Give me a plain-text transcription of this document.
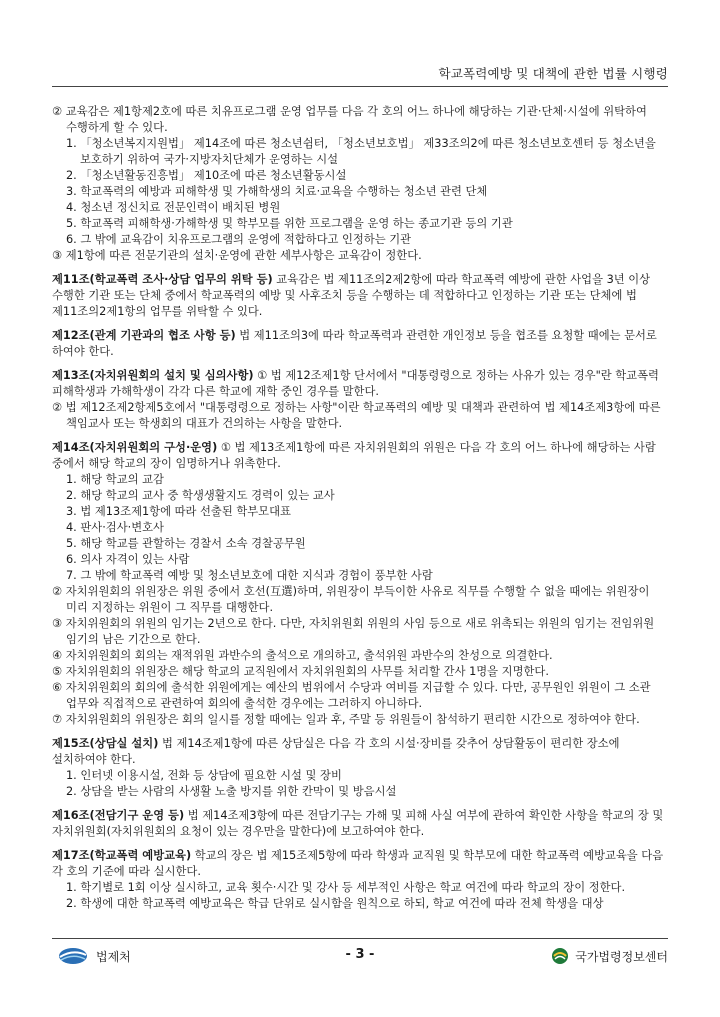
학교폭력예방 및 대책에 관한 법률 시행령

② 교육감은 제1항제2호에 따른 치유프로그램 운영 업무를 다음 각 호의 어느 하나에 해당하는 기관·단체·시설에 위탁하여 수행하게 할 수 있다.

1. 「청소년복지지원법」 제14조에 따른 청소년쉼터, 「청소년보호법」 제33조의2에 따른 청소년보호센터 등 청소년을 보호하기 위하여 국가·지방자치단체가 운영하는 시설

2. 「청소년활동진흥법」 제10조에 따른 청소년활동시설

3. 학교폭력의 예방과 피해학생 및 가해학생의 치료·교육을 수행하는 청소년 관련 단체

4. 청소년 정신치료 전문인력이 배치된 병원

5. 학교폭력 피해학생·가해학생 및 학부모를 위한 프로그램을 운영 하는 종교기관 등의 기관

6. 그 밖에 교육감이 치유프로그램의 운영에 적합하다고 인정하는 기관

③ 제1항에 따른 전문기관의 설치·운영에 관한 세부사항은 교육감이 정한다.

제11조(학교폭력 조사·상담 업무의 위탁 등) 교육감은 법 제11조의2제2항에 따라 학교폭력 예방에 관한 사업을 3년 이상 수행한 기관 또는 단체 중에서 학교폭력의 예방 및 사후조치 등을 수행하는 데 적합하다고 인정하는 기관 또는 단체에 법 제11조의2제1항의 업무를 위탁할 수 있다.

제12조(관계 기관과의 협조 사항 등) 법 제11조의3에 따라 학교폭력과 관련한 개인정보 등을 협조를 요청할 때에는 문서로 하여야 한다.

제13조(자치위원회의 설치 및 심의사항) ① 법 제12조제1항 단서에서 "대통령령으로 정하는 사유가 있는 경우"란 학교폭력 피해학생과 가해학생이 각각 다른 학교에 재학 중인 경우를 말한다.

② 법 제12조제2항제5호에서 "대통령령으로 정하는 사항"이란 학교폭력의 예방 및 대책과 관련하여 법 제14조제3항에 따른 책임교사 또는 학생회의 대표가 건의하는 사항을 말한다.

제14조(자치위원회의 구성·운영) ① 법 제13조제1항에 따른 자치위원회의 위원은 다음 각 호의 어느 하나에 해당하는 사람 중에서 해당 학교의 장이 임명하거나 위촉한다.

1. 해당 학교의 교감

2. 해당 학교의 교사 중 학생생활지도 경력이 있는 교사

3. 법 제13조제1항에 따라 선출된 학부모대표

4. 판사·검사·변호사

5. 해당 학교를 관할하는 경찰서 소속 경찰공무원

6. 의사 자격이 있는 사람

7. 그 밖에 학교폭력 예방 및 청소년보호에 대한 지식과 경험이 풍부한 사람

② 자치위원회의 위원장은 위원 중에서 호선(互選)하며, 위원장이 부득이한 사유로 직무를 수행할 수 없을 때에는 위원장이 미리 지정하는 위원이 그 직무를 대행한다.

③ 자치위원회의 위원의 임기는 2년으로 한다. 다만, 자치위원회 위원의 사임 등으로 새로 위촉되는 위원의 임기는 전임위원 임기의 남은 기간으로 한다.

④ 자치위원회의 회의는 재적위원 과반수의 출석으로 개의하고, 출석위원 과반수의 찬성으로 의결한다.

⑤ 자치위원회의 위원장은 해당 학교의 교직원에서 자치위원회의 사무를 처리할 간사 1명을 지명한다.

⑥ 자치위원회의 회의에 출석한 위원에게는 예산의 범위에서 수당과 여비를 지급할 수 있다. 다만, 공무원인 위원이 그 소관 업무와 직접적으로 관련하여 회의에 출석한 경우에는 그러하지 아니하다.

⑦ 자치위원회의 위원장은 회의 일시를 정할 때에는 일과 후, 주말 등 위원들이 참석하기 편리한 시간으로 정하여야 한다.

제15조(상담실 설치) 법 제14조제1항에 따른 상담실은 다음 각 호의 시설·장비를 갖추어 상담활동이 편리한 장소에 설치하여야 한다.

1. 인터넷 이용시설, 전화 등 상담에 필요한 시설 및 장비

2. 상담을 받는 사람의 사생활 노출 방지를 위한 칸막이 및 방음시설

제16조(전담기구 운영 등) 법 제14조제3항에 따른 전담기구는 가해 및 피해 사실 여부에 관하여 확인한 사항을 학교의 장 및 자치위원회(자치위원회의 요청이 있는 경우만을 말한다)에 보고하여야 한다.

제17조(학교폭력 예방교육) 학교의 장은 법 제15조제5항에 따라 학생과 교직원 및 학부모에 대한 학교폭력 예방교육을 다음 각 호의 기준에 따라 실시한다.

1. 학기별로 1회 이상 실시하고, 교육 횟수·시간 및 강사 등 세부적인 사항은 학교 여건에 따라 학교의 장이 정한다.

2. 학생에 대한 학교폭력 예방교육은 학급 단위로 실시함을 원칙으로 하되, 학교 여건에 따라 전체 학생을 대상

법제처	- 3 -	국가법령정보센터
